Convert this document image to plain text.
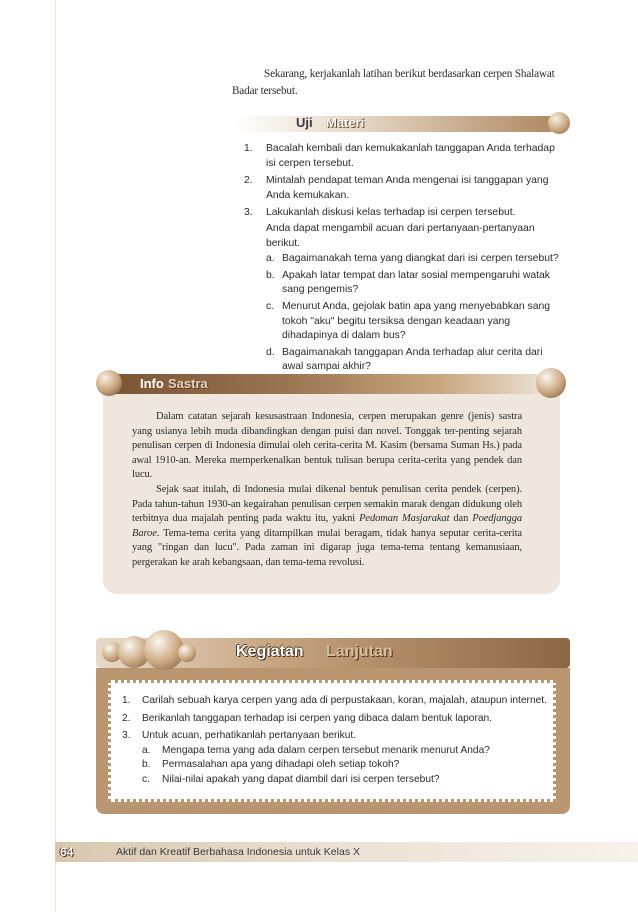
Sekarang, kerjakanlah latihan berikut berdasarkan cerpen Shalawat Badar tersebut.
Uji Materi
1. Bacalah kembali dan kemukakanlah tanggapan Anda terhadap isi cerpen tersebut.
2. Mintalah pendapat teman Anda mengenai isi tanggapan yang Anda kemukakan.
3. Lakukanlah diskusi kelas terhadap isi cerpen tersebut.
Anda dapat mengambil acuan dari pertanyaan-pertanyaan berikut.
a. Bagaimanakah tema yang diangkat dari isi cerpen tersebut?
b. Apakah latar tempat dan latar sosial mempengaruhi watak sang pengemis?
c. Menurut Anda, gejolak batin apa yang menyebabkan sang tokoh "aku" begitu tersiksa dengan keadaan yang dihadapinya di dalam bus?
d. Bagaimanakah tanggapan Anda terhadap alur cerita dari awal sampai akhir?
Info Sastra

Dalam catatan sejarah kesusastraan Indonesia, cerpen merupakan genre (jenis) sastra yang usianya lebih muda dibandingkan dengan puisi dan novel. Tonggak ter-penting sejarah penulisan cerpen di Indonesia dimulai oleh cerita-cerita M. Kasim (bersama Suman Hs.) pada awal 1910-an. Mereka memperkenalkan bentuk tulisan berupa cerita-cerita yang pendek dan lucu.

Sejak saat itulah, di Indonesia mulai dikenal bentuk penulisan cerita pendek (cerpen). Pada tahun-tahun 1930-an kegairahan penulisan cerpen semakin marak dengan didukung oleh terbitnya dua majalah penting pada waktu itu, yakni Pedoman Masjarakat dan Poedjangga Baroe. Tema-tema cerita yang ditampilkan mulai beragam, tidak hanya seputar cerita-cerita yang "ringan dan lucu". Pada zaman ini digarap juga tema-tema tentang kemanusiaan, pergerakan ke arah kebangsaan, dan tema-tema revolusi.

Kegiatan Lanjutan
1. Carilah sebuah karya cerpen yang ada di perpustakaan, koran, majalah, ataupun internet.
2. Berikanlah tanggapan terhadap isi cerpen yang dibaca dalam bentuk laporan.
3. Untuk acuan, perhatikanlah pertanyaan berikut.
a. Mengapa tema yang ada dalam cerpen tersebut menarik menurut Anda?
b. Permasalahan apa yang dihadapi oleh setiap tokoh?
c. Nilai-nilai apakah yang dapat diambil dari isi cerpen tersebut?
64	Aktif dan Kreatif Berbahasa Indonesia untuk Kelas X
